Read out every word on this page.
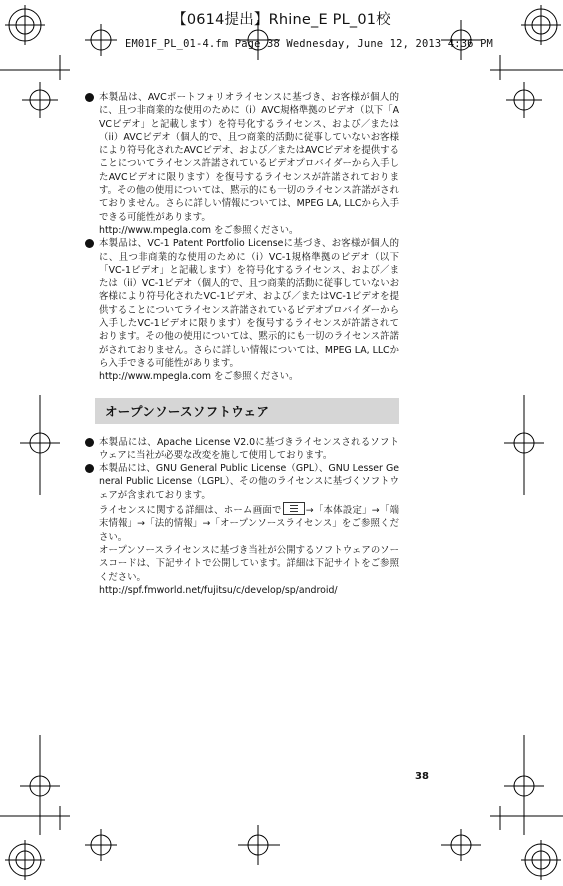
【0614提出】Rhine_E PL_01校
EM01F_PL_01-4.fm Page 38 Wednesday, June 12, 2013 4:36 PM

本製品は、AVCポートフォリオライセンスに基づき、お客様が個人的に、且つ非商業的な使用のために（i）AVC規格準拠のビデオ（以下「AVCビデオ」と記載します）を符号化するライセンス、および／または（ii）AVCビデオ（個人的で、且つ商業的活動に従事していないお客様により符号化されたAVCビデオ、および／またはAVCビデオを提供することについてライセンス許諾されているビデオプロバイダーから入手したAVCビデオに限ります）を復号するライセンスが許諾されております。その他の使用については、黙示的にも一切のライセンス許諾がされておりません。さらに詳しい情報については、MPEG LA, LLCから入手できる可能性があります。

http://www.mpegla.com をご参照ください。

本製品は、VC-1 Patent Portfolio Licenseに基づき、お客様が個人的に、且つ非商業的な使用のために（i）VC-1規格準拠のビデオ（以下「VC-1ビデオ」と記載します）を符号化するライセンス、および／または（ii）VC-1ビデオ（個人的で、且つ商業的活動に従事していないお客様により符号化されたVC-1ビデオ、および／またはVC-1ビデオを提供することについてライセンス許諾されているビデオプロバイダーから入手したVC-1ビデオに限ります）を復号するライセンスが許諾されております。その他の使用については、黙示的にも一切のライセンス許諾がされておりません。さらに詳しい情報については、MPEG LA, LLCから入手できる可能性があります。

http://www.mpegla.com をご参照ください。

オープンソースソフトウェア

本製品には、Apache License V2.0に基づきライセンスされるソフトウェアに当社が必要な改変を施して使用しております。

本製品には、GNU General Public License（GPL）、GNU Lesser General Public License（LGPL）、その他のライセンスに基づくソフトウェアが含まれております。

ライセンスに関する詳細は、ホーム画面で	→「本体設定」→「端末情報」→「法的情報」→「オープンソースライセンス」をご参照ください。

オープンソースライセンスに基づき当社が公開するソフトウェアのソースコードは、下記サイトで公開しています。詳細は下記サイトをご参照ください。

http://spf.fmworld.net/fujitsu/c/develop/sp/android/

38
